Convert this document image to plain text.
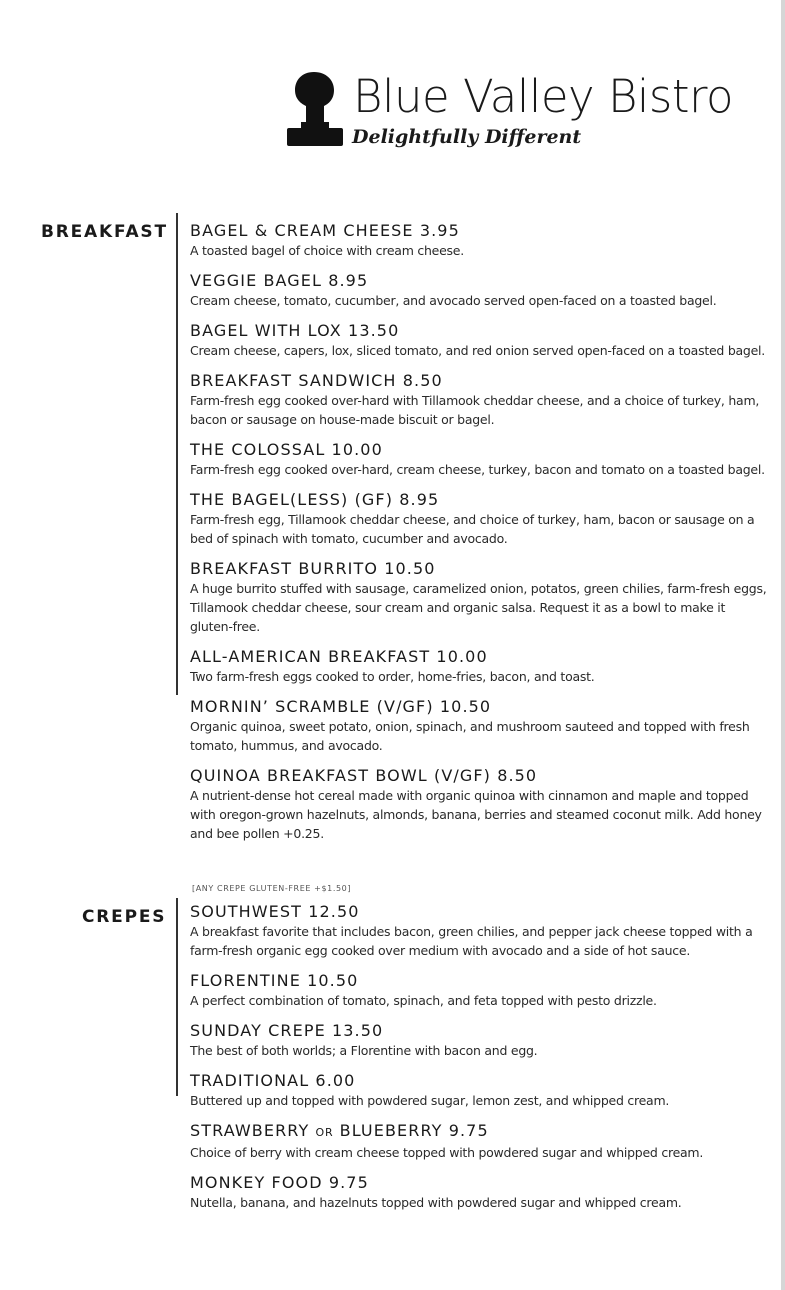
Blue Valley Bistro
Delightfully Different
BREAKFAST BAGEL & CREAM CHEESE 3.95
A toasted bagel of choice with cream cheese.
VEGGIE BAGEL 8.95
Cream cheese, tomato, cucumber, and avocado served open-faced on a toasted bagel.
BAGEL WITH LOX 13.50
Cream cheese, capers, lox, sliced tomato, and red onion served open-faced on a toasted bagel.
BREAKFAST SANDWICH 8.50
Farm-fresh egg cooked over-hard with Tillamook cheddar cheese, and a choice of turkey, ham, bacon or sausage on house-made biscuit or bagel.
THE COLOSSAL 10.00
Farm-fresh egg cooked over-hard, cream cheese, turkey, bacon and tomato on a toasted bagel.
THE BAGEL(LESS) (GF) 8.95
Farm-fresh egg, Tillamook cheddar cheese, and choice of turkey, ham, bacon or sausage on a bed of spinach with tomato, cucumber and avocado.
BREAKFAST BURRITO 10.50
A huge burrito stuffed with sausage, caramelized onion, potatos, green chilies, farm-fresh eggs, Tillamook cheddar cheese, sour cream and organic salsa. Request it as a bowl to make it gluten-free.
ALL-AMERICAN BREAKFAST 10.00
Two farm-fresh eggs cooked to order, home-fries, bacon, and toast.
MORNIN’ SCRAMBLE (V/GF) 10.50
Organic quinoa, sweet potato, onion, spinach, and mushroom sauteed and topped with fresh tomato, hummus, and avocado.
QUINOA BREAKFAST BOWL (V/GF) 8.50
A nutrient-dense hot cereal made with organic quinoa with cinnamon and maple and topped with oregon-grown hazelnuts, almonds, banana, berries and steamed coconut milk. Add honey and bee pollen +0.25.
[ANY CREPE GLUTEN-FREE +$1.50]
CREPES SOUTHWEST 12.50
A breakfast favorite that includes bacon, green chilies, and pepper jack cheese topped with a farm-fresh organic egg cooked over medium with avocado and a side of hot sauce.
FLORENTINE 10.50
A perfect combination of tomato, spinach, and feta topped with pesto drizzle.
SUNDAY CREPE 13.50
The best of both worlds; a Florentine with bacon and egg.
TRADITIONAL 6.00
Buttered up and topped with powdered sugar, lemon zest, and whipped cream.
STRAWBERRY OR BLUEBERRY 9.75
Choice of berry with cream cheese topped with powdered sugar and whipped cream.
MONKEY FOOD 9.75
Nutella, banana, and hazelnuts topped with powdered sugar and whipped cream.
